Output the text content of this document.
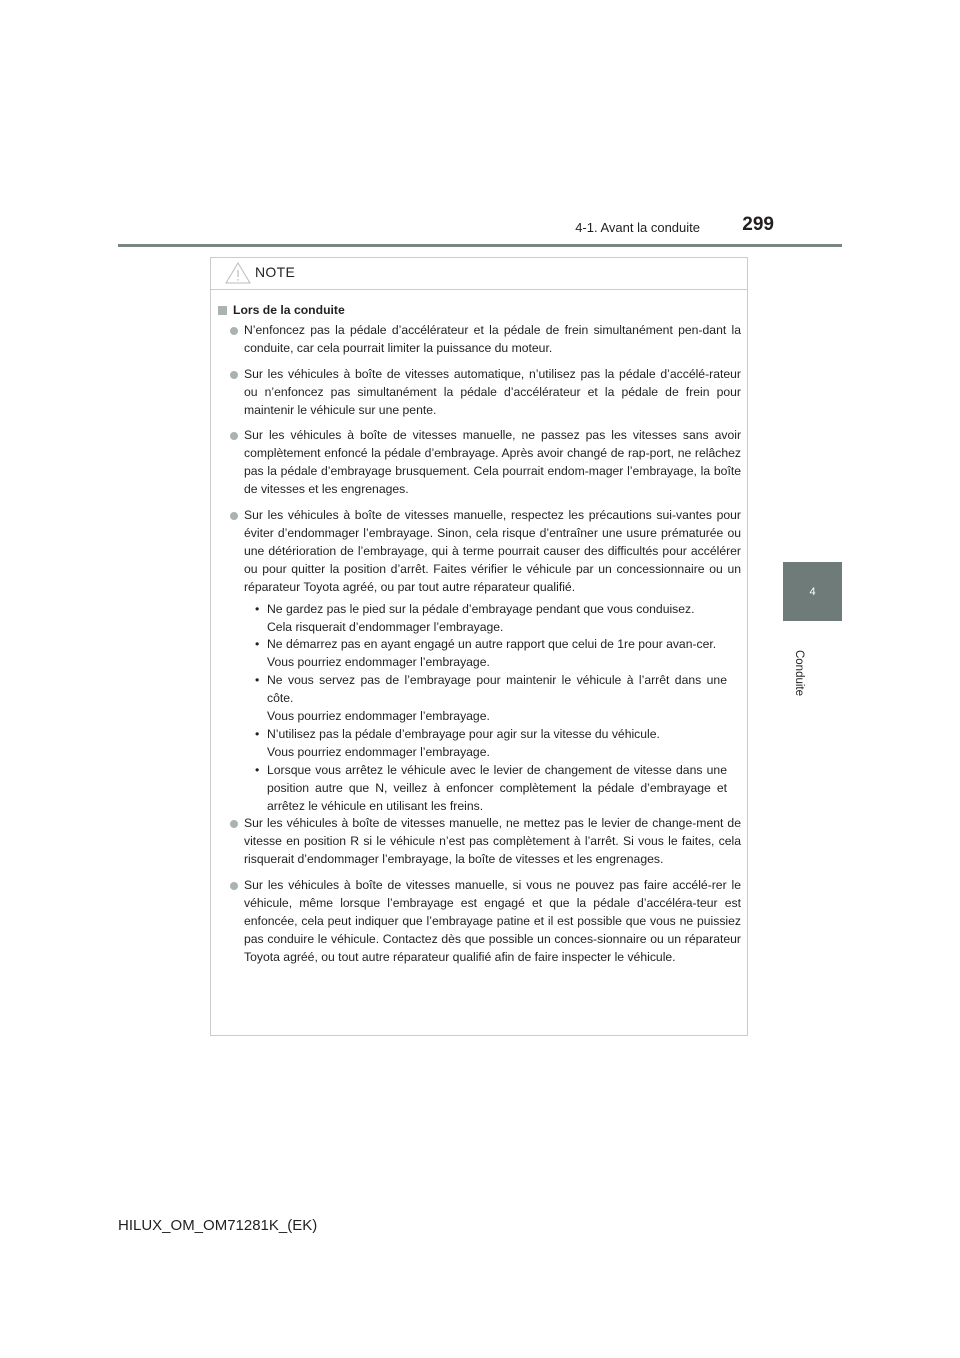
4-1. Avant la conduite	299
4
Conduite
NOTE
Lors de la conduite
N’enfoncez pas la pédale d’accélérateur et la pédale de frein simultanément pen-dant la conduite, car cela pourrait limiter la puissance du moteur.
Sur les véhicules à boîte de vitesses automatique, n’utilisez pas la pédale d’accélé-rateur ou n’enfoncez pas simultanément la pédale d’accélérateur et la pédale de frein pour maintenir le véhicule sur une pente.
Sur les véhicules à boîte de vitesses manuelle, ne passez pas les vitesses sans avoir complètement enfoncé la pédale d’embrayage. Après avoir changé de rap-port, ne relâchez pas la pédale d’embrayage brusquement. Cela pourrait endom-mager l’embrayage, la boîte de vitesses et les engrenages.
Sur les véhicules à boîte de vitesses manuelle, respectez les précautions sui-vantes pour éviter d’endommager l’embrayage. Sinon, cela risque d’entraîner une usure prématurée ou une détérioration de l’embrayage, qui à terme pourrait causer des difficultés pour accélérer ou pour quitter la position d’arrêt. Faites vérifier le véhicule par un concessionnaire ou un réparateur Toyota agréé, ou par tout autre réparateur qualifié.
• Ne gardez pas le pied sur la pédale d’embrayage pendant que vous conduisez.
Cela risquerait d’endommager l’embrayage.
• Ne démarrez pas en ayant engagé un autre rapport que celui de 1re pour avan-cer.
Vous pourriez endommager l’embrayage.
• Ne vous servez pas de l’embrayage pour maintenir le véhicule à l’arrêt dans une côte.
Vous pourriez endommager l’embrayage.
• N’utilisez pas la pédale d’embrayage pour agir sur la vitesse du véhicule.
Vous pourriez endommager l’embrayage.
• Lorsque vous arrêtez le véhicule avec le levier de changement de vitesse dans une position autre que N, veillez à enfoncer complètement la pédale d’embrayage et arrêtez le véhicule en utilisant les freins.
Sur les véhicules à boîte de vitesses manuelle, ne mettez pas le levier de change-ment de vitesse en position R si le véhicule n’est pas complètement à l’arrêt. Si vous le faites, cela risquerait d’endommager l’embrayage, la boîte de vitesses et les engrenages.
Sur les véhicules à boîte de vitesses manuelle, si vous ne pouvez pas faire accélé-rer le véhicule, même lorsque l’embrayage est engagé et que la pédale d’accéléra-teur est enfoncée, cela peut indiquer que l’embrayage patine et il est possible que vous ne puissiez pas conduire le véhicule. Contactez dès que possible un conces-sionnaire ou un réparateur Toyota agréé, ou tout autre réparateur qualifié afin de faire inspecter le véhicule.
HILUX_OM_OM71281K_(EK)
